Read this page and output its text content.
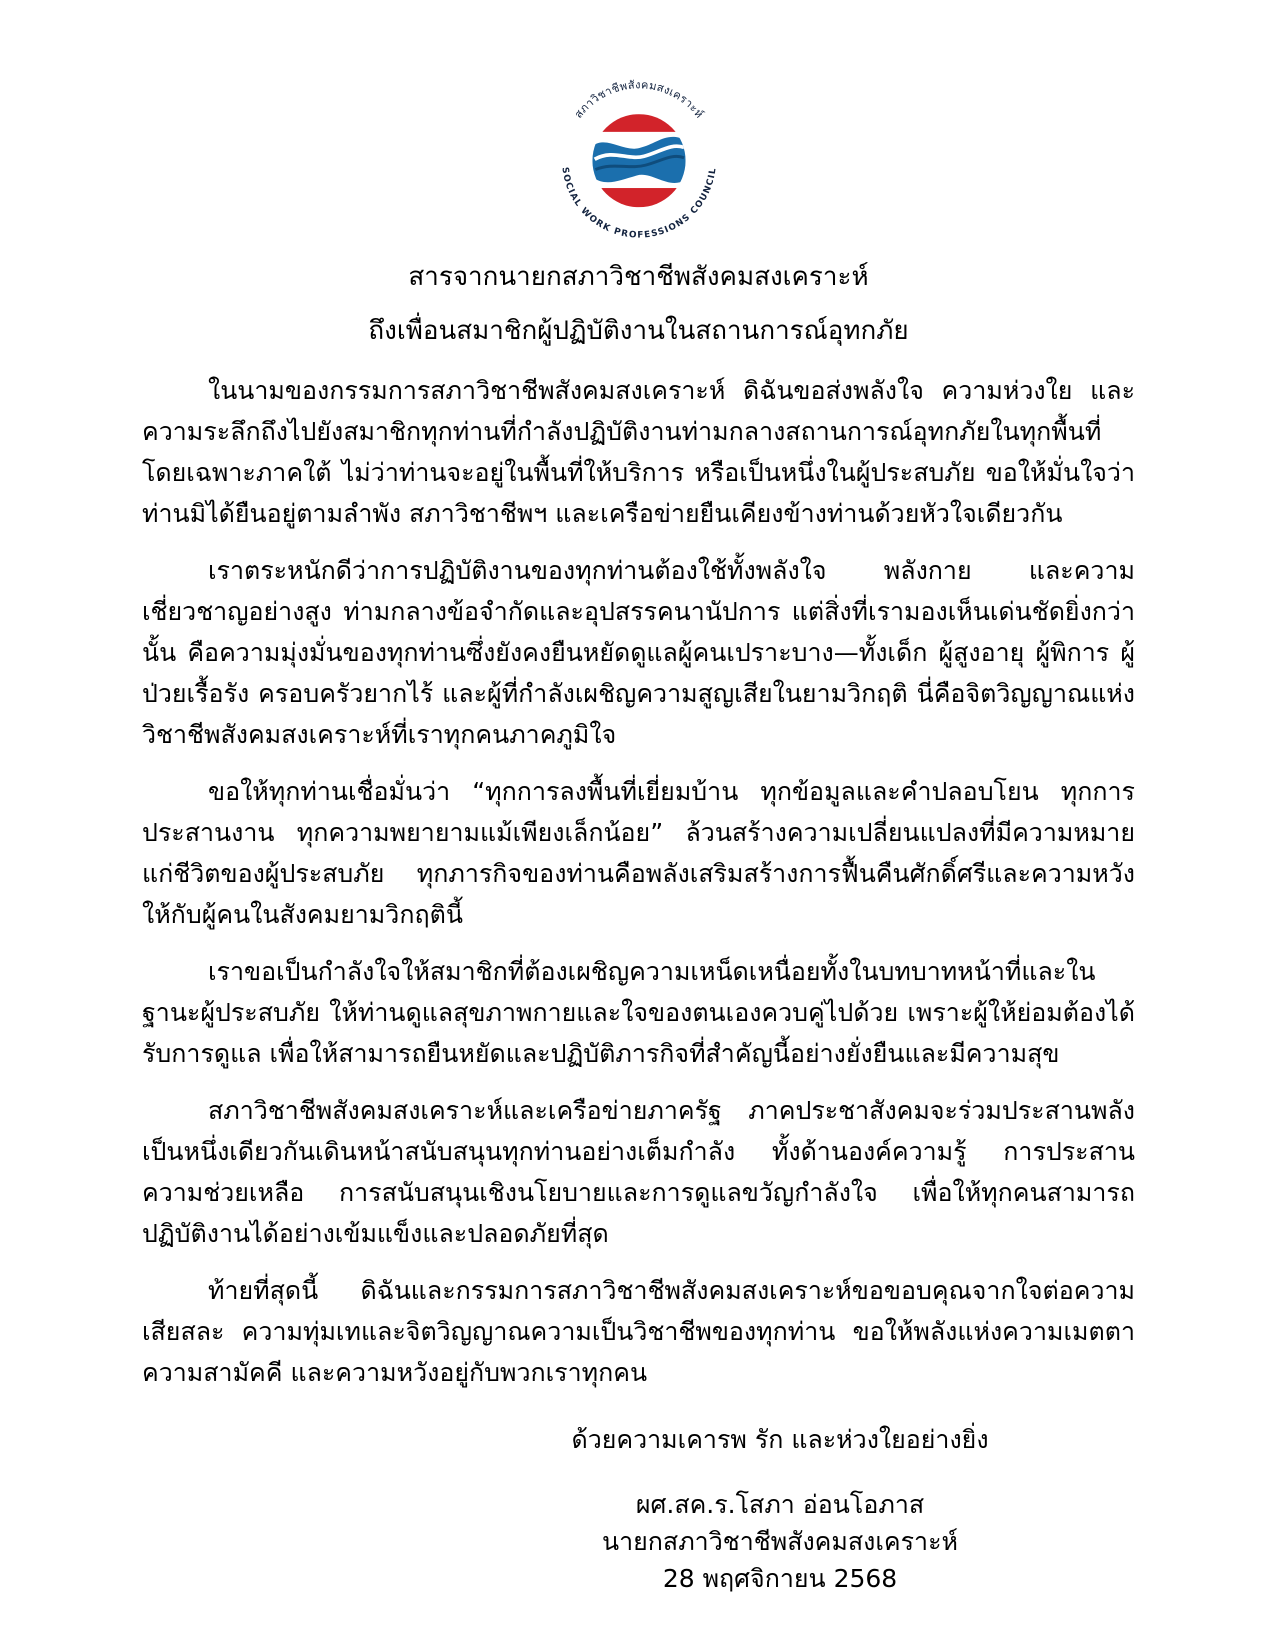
สภาวิชาชีพสังคมสงเคราะห์
SOCIAL WORK PROFESSIONS COUNCIL
สารจากนายกสภาวิชาชีพสังคมสงเคราะห์
ถึงเพื่อนสมาชิกผู้ปฏิบัติงานในสถานการณ์อุทกภัย

ในนามของกรรมการสภาวิชาชีพสังคมสงเคราะห์ ดิฉันขอส่งพลังใจ ความห่วงใย และความระลึกถึงไปยังสมาชิกทุกท่านที่กำลังปฏิบัติงานท่ามกลางสถานการณ์อุทกภัยในทุกพื้นที่โดยเฉพาะภาคใต้ ไม่ว่าท่านจะอยู่ในพื้นที่ให้บริการ หรือเป็นหนึ่งในผู้ประสบภัย ขอให้มั่นใจว่าท่านมิได้ยืนอยู่ตามลำพัง สภาวิชาชีพฯ และเครือข่ายยืนเคียงข้างท่านด้วยหัวใจเดียวกัน

เราตระหนักดีว่าการปฏิบัติงานของทุกท่านต้องใช้ทั้งพลังใจ พลังกาย และความเชี่ยวชาญอย่างสูง ท่ามกลางข้อจำกัดและอุปสรรคนานัปการ แต่สิ่งที่เรามองเห็นเด่นชัดยิ่งกว่านั้น คือความมุ่งมั่นของทุกท่านซึ่งยังคงยืนหยัดดูแลผู้คนเปราะบาง—ทั้งเด็ก ผู้สูงอายุ ผู้พิการ ผู้ป่วยเรื้อรัง ครอบครัวยากไร้ และผู้ที่กำลังเผชิญความสูญเสียในยามวิกฤติ นี่คือจิตวิญญาณแห่งวิชาชีพสังคมสงเคราะห์ที่เราทุกคนภาคภูมิใจ

ขอให้ทุกท่านเชื่อมั่นว่า “ทุกการลงพื้นที่เยี่ยมบ้าน ทุกข้อมูลและคำปลอบโยน ทุกการประสานงาน ทุกความพยายามแม้เพียงเล็กน้อย” ล้วนสร้างความเปลี่ยนแปลงที่มีความหมายแก่ชีวิตของผู้ประสบภัย ทุกภารกิจของท่านคือพลังเสริมสร้างการฟื้นคืนศักดิ์ศรีและความหวังให้กับผู้คนในสังคมยามวิกฤตินี้

เราขอเป็นกำลังใจให้สมาชิกที่ต้องเผชิญความเหน็ดเหนื่อยทั้งในบทบาทหน้าที่และในฐานะผู้ประสบภัย ให้ท่านดูแลสุขภาพกายและใจของตนเองควบคู่ไปด้วย เพราะผู้ให้ย่อมต้องได้รับการดูแล เพื่อให้สามารถยืนหยัดและปฏิบัติภารกิจที่สำคัญนี้อย่างยั่งยืนและมีความสุข

สภาวิชาชีพสังคมสงเคราะห์และเครือข่ายภาครัฐ ภาคประชาสังคมจะร่วมประสานพลังเป็นหนึ่งเดียวกันเดินหน้าสนับสนุนทุกท่านอย่างเต็มกำลัง ทั้งด้านองค์ความรู้ การประสานความช่วยเหลือ การสนับสนุนเชิงนโยบายและการดูแลขวัญกำลังใจ เพื่อให้ทุกคนสามารถปฏิบัติงานได้อย่างเข้มแข็งและปลอดภัยที่สุด

ท้ายที่สุดนี้ ดิฉันและกรรมการสภาวิชาชีพสังคมสงเคราะห์ขอขอบคุณจากใจต่อความเสียสละ ความทุ่มเทและจิตวิญญาณความเป็นวิชาชีพของทุกท่าน ขอให้พลังแห่งความเมตตา ความสามัคคี และความหวังอยู่กับพวกเราทุกคน

ด้วยความเคารพ รัก และห่วงใยอย่างยิ่ง
ผศ.สค.ร.โสภา อ่อนโอภาส
นายกสภาวิชาชีพสังคมสงเคราะห์
28 พฤศจิกายน 2568
